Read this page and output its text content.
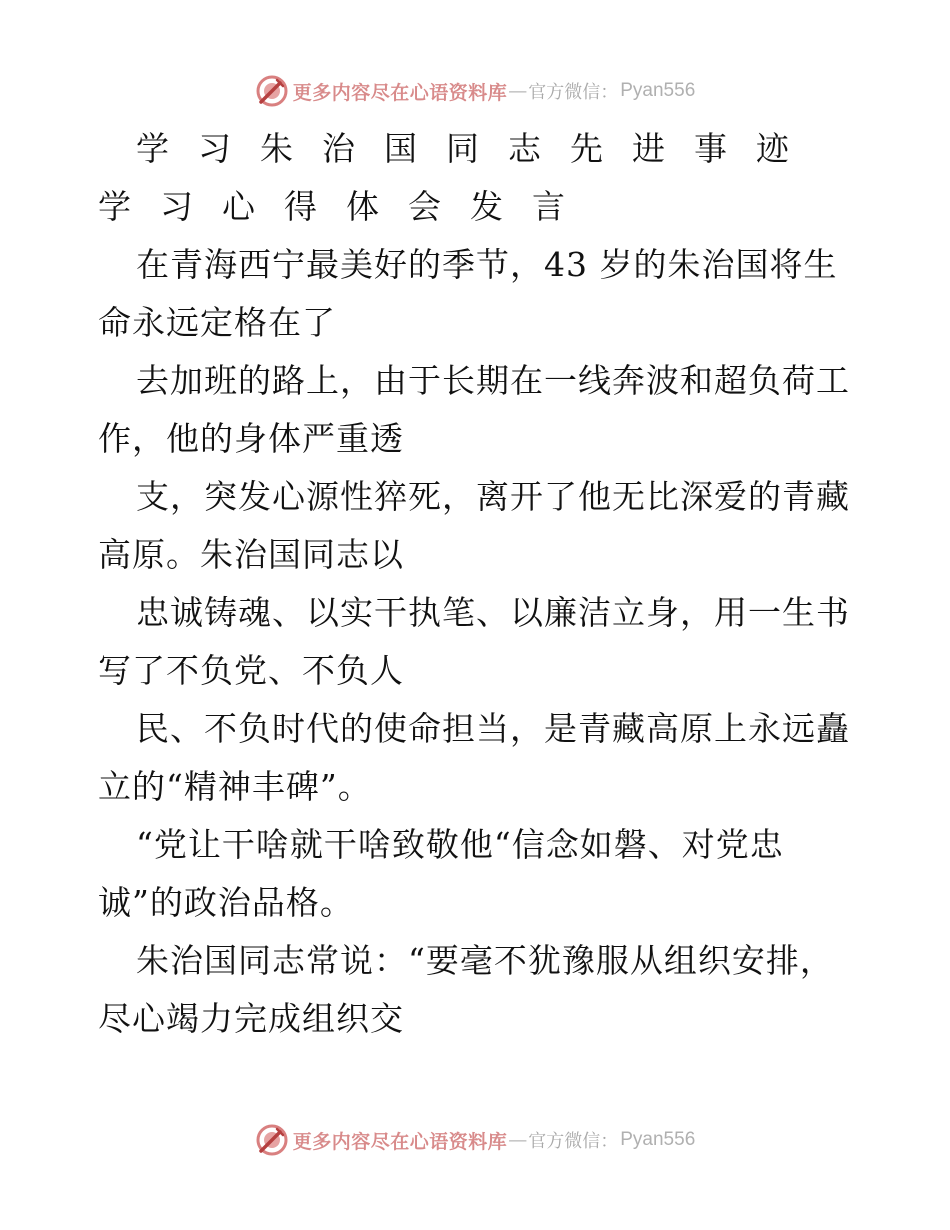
更多内容尽在心语资料库 — 官方微信： Pyan556

学习朱治国同志先进事迹学习心得体会发言

在青海西宁最美好的季节，43 岁的朱治国将生
命永远定格在了

去加班的路上，由于长期在一线奔波和超负荷工
作，他的身体严重透

支，突发心源性猝死，离开了他无比深爱的青藏
高原。朱治国同志以

忠诚铸魂、以实干执笔、以廉洁立身，用一生书
写了不负党、不负人

民、不负时代的使命担当，是青藏高原上永远矗
立的“精神丰碑”。

“党让干啥就干啥致敬他“信念如磐、对党忠
诚”的政治品格。

朱治国同志常说：“要毫不犹豫服从组织安排，
尽心竭力完成组织交

更多内容尽在心语资料库 — 官方微信： Pyan556
